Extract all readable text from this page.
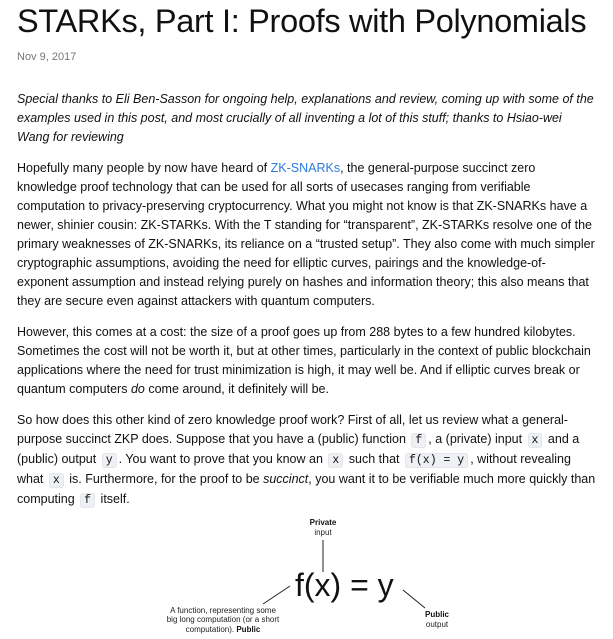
STARKs, Part I: Proofs with Polynomials
Nov 9, 2017

Special thanks to Eli Ben-Sasson for ongoing help, explanations and review, coming up with some of the examples used in this post, and most crucially of all inventing a lot of this stuff; thanks to Hsiao-wei Wang for reviewing

Hopefully many people by now have heard of ZK-SNARKs, the general-purpose succinct zero knowledge proof technology that can be used for all sorts of usecases ranging from verifiable computation to privacy-preserving cryptocurrency. What you might not know is that ZK-SNARKs have a newer, shinier cousin: ZK-STARKs. With the T standing for “transparent”, ZK-STARKs resolve one of the primary weaknesses of ZK-SNARKs, its reliance on a “trusted setup”. They also come with much simpler cryptographic assumptions, avoiding the need for elliptic curves, pairings and the knowledge-of-exponent assumption and instead relying purely on hashes and information theory; this also means that they are secure even against attackers with quantum computers.

However, this comes at a cost: the size of a proof goes up from 288 bytes to a few hundred kilobytes. Sometimes the cost will not be worth it, but at other times, particularly in the context of public blockchain applications where the need for trust minimization is high, it may well be. And if elliptic curves break or quantum computers do come around, it definitely will be.

So how does this other kind of zero knowledge proof work? First of all, let us review what a general-purpose succinct ZKP does. Suppose that you have a (public) function f , a (private) input x and a (public) output y . You want to prove that you know an x such that f(x) = y , without revealing what x is. Furthermore, for the proof to be succinct, you want it to be verifiable much more quickly than computing f itself.

Private
input
f(x) = y
A function, representing some
big long computation (or a short
computation). Public
Public
output
